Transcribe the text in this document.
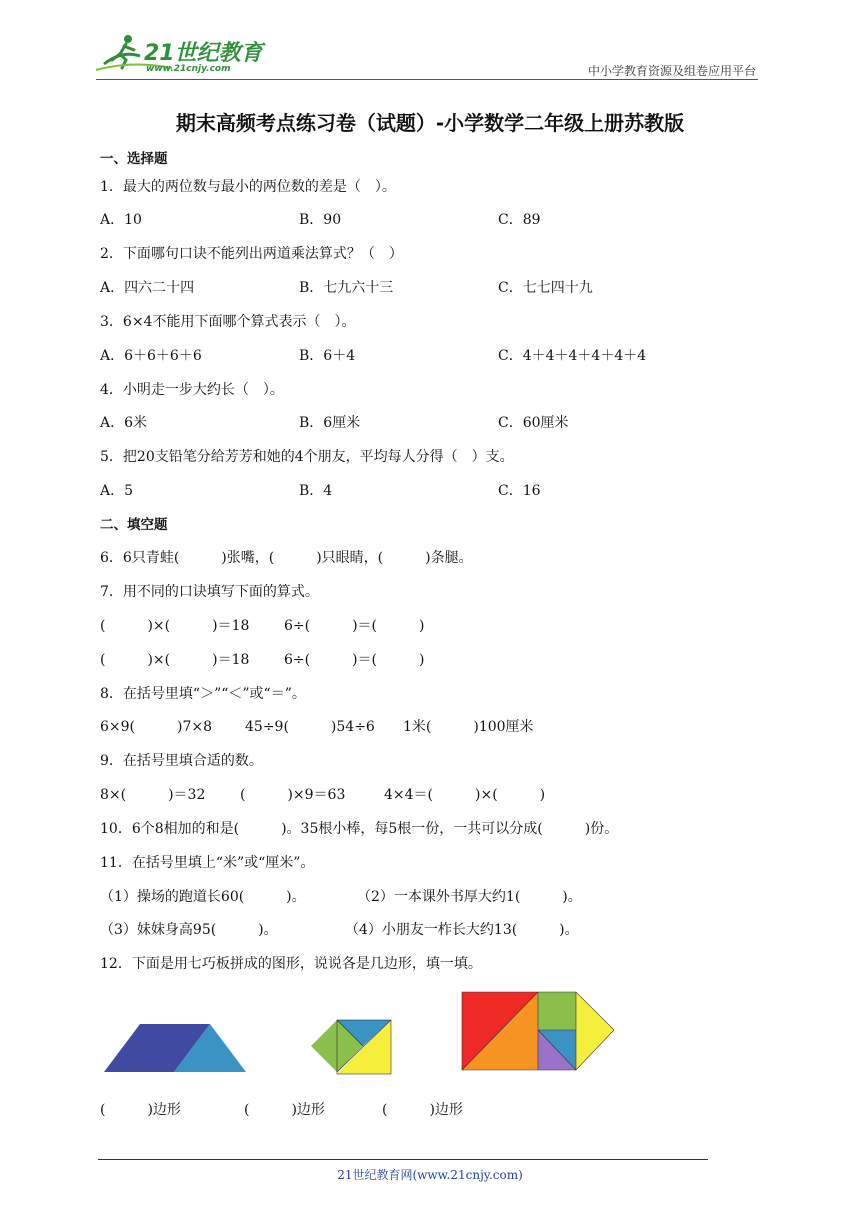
21世纪教育
www.21cnjy.com	中小学教育资源及组卷应用平台
期末高频考点练习卷（试题）-小学数学二年级上册苏教版
一、选择题
1．最大的两位数与最小的两位数的差是（　）。
A．10	B．90	C．89
2．下面哪句口诀不能列出两道乘法算式？（　）
A．四六二十四	B．七九六十三	C．七七四十九
3．6×4不能用下面哪个算式表示（　）。
A．6＋6＋6＋6	B．6＋4	C．4＋4＋4＋4＋4＋4
4．小明走一步大约长（　）。
A．6米	B．6厘米	C．60厘米
5．把20支铅笔分给芳芳和她的4个朋友，平均每人分得（　）支。
A．5	B．4	C．16
二、填空题
6．6只青蛙(　　　)张嘴，(　　　)只眼睛，(　　　)条腿。
7．用不同的口诀填写下面的算式。
(　　　)×(　　　)＝18 6÷(　　　)＝(　　　)
(　　　)×(　　　)＝18 6÷(　　　)＝(　　　)
8．在括号里填“＞”“＜”或“＝”。
6×9(　　　)7×8 45÷9(　　　)54÷6 1米(　　　)100厘米
9．在括号里填合适的数。
8×(　　　)＝32 (　　　)×9＝63	4×4＝(　　　)×(　　　)
10．6个8相加的和是(　　　)。35根小棒，每5根一份，一共可以分成(　　　)份。
11．在括号里填上“米”或“厘米”。
（1）操场的跑道长60(　　　)。	（2）一本课外书厚大约1(　　　)。
（3）妹妹身高95(　　　)。	（4）小朋友一柞长大约13(　　　)。
12．下面是用七巧板拼成的图形，说说各是几边形，填一填。
(　　　)边形	(　　　)边形	(　　　)边形
21世纪教育网(www.21cnjy.com)
